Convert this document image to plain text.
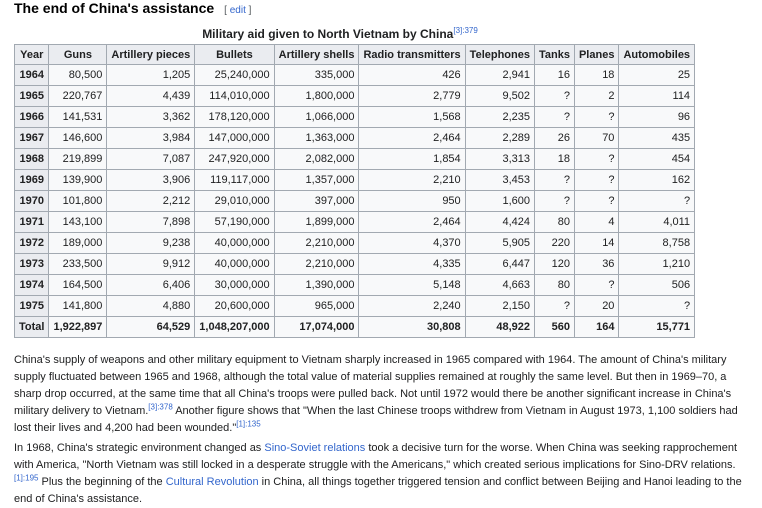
The end of China's assistance [ edit ]
Military aid given to North Vietnam by China$^{[3]:379}$
Year	Guns	Artillery pieces	Bullets	Artillery shells	Radio transmitters	Telephones	Tanks	Planes	Automobiles
1964	80,500	1,205	25,240,000	335,000	426	2,941	16	18	25
1965	220,767	4,439	114,010,000	1,800,000	2,779	9,502	?	2	114
1966	141,531	3,362	178,120,000	1,066,000	1,568	2,235	?	?	96
1967	146,600	3,984	147,000,000	1,363,000	2,464	2,289	26	70	435
1968	219,899	7,087	247,920,000	2,082,000	1,854	3,313	18	?	454
1969	139,900	3,906	119,117,000	1,357,000	2,210	3,453	?	?	162
1970	101,800	2,212	29,010,000	397,000	950	1,600	?	?	?
1971	143,100	7,898	57,190,000	1,899,000	2,464	4,424	80	4	4,011
1972	189,000	9,238	40,000,000	2,210,000	4,370	5,905	220	14	8,758
1973	233,500	9,912	40,000,000	2,210,000	4,335	6,447	120	36	1,210
1974	164,500	6,406	30,000,000	1,390,000	5,148	4,663	80	?	506
1975	141,800	4,880	20,600,000	965,000	2,240	2,150	?	20	?
Total	1,922,897	64,529	1,048,207,000	17,074,000	30,808	48,922	560	164	15,771
China's supply of weapons and other military equipment to Vietnam sharply increased in 1965 compared with 1964. The amount of China's military supply fluctuated between 1965 and 1968, although the total value of material supplies remained at roughly the same level. But then in 1969–70, a sharp drop occurred, at the same time that all China's troops were pulled back. Not until 1972 would there be another significant increase in China's military delivery to Vietnam.$^{[3]:378}$ Another figure shows that "When the last Chinese troops withdrew from Vietnam in August 1973, 1,100 soldiers had lost their lives and 4,200 had been wounded."$^{[1]:135}$
In 1968, China's strategic environment changed as Sino-Soviet relations took a decisive turn for the worse. When China was seeking rapprochement with America, "North Vietnam was still locked in a desperate struggle with the Americans," which created serious implications for Sino-DRV relations.$^{[1]:195}$ Plus the beginning of the Cultural Revolution in China, all things together triggered tension and conflict between Beijing and Hanoi leading to the end of China's assistance.
